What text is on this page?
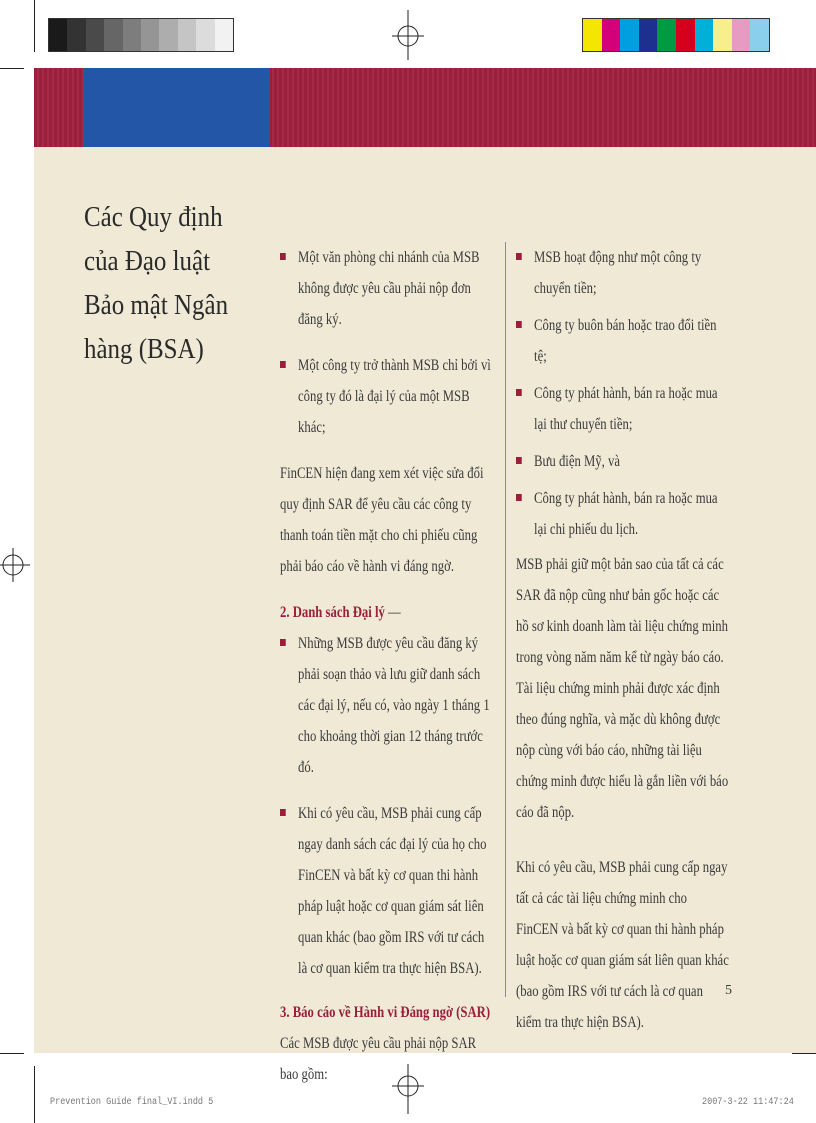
Các Quy định của Đạo luật Bảo mật Ngân hàng (BSA)
Một văn phòng chi nhánh của MSB không được yêu cầu phải nộp đơn đăng ký.
Một công ty trở thành MSB chỉ bởi vì công ty đó là đại lý của một MSB khác;

FinCEN hiện đang xem xét việc sửa đổi quy định SAR để yêu cầu các công ty thanh toán tiền mặt cho chi phiếu cũng phải báo cáo về hành vi đáng ngờ.

2. Danh sách Đại lý —

Những MSB được yêu cầu đăng ký phải soạn thảo và lưu giữ danh sách các đại lý, nếu có, vào ngày 1 tháng 1 cho khoảng thời gian 12 tháng trước đó.
Khi có yêu cầu, MSB phải cung cấp ngay danh sách các đại lý của họ cho FinCEN và bất kỳ cơ quan thi hành pháp luật hoặc cơ quan giám sát liên quan khác (bao gồm IRS với tư cách là cơ quan kiểm tra thực hiện BSA).

3. Báo cáo về Hành vi Đáng ngờ (SAR) Các MSB được yêu cầu phải nộp SAR bao gồm:

MSB hoạt động như một công ty chuyển tiền;
Công ty buôn bán hoặc trao đổi tiền tệ;
Công ty phát hành, bán ra hoặc mua lại thư chuyển tiền;
Bưu điện Mỹ, và
Công ty phát hành, bán ra hoặc mua lại chi phiếu du lịch.

MSB phải giữ một bản sao của tất cả các SAR đã nộp cũng như bản gốc hoặc các hồ sơ kinh doanh làm tài liệu chứng minh trong vòng năm năm kể từ ngày báo cáo. Tài liệu chứng minh phải được xác định theo đúng nghĩa, và mặc dù không được nộp cùng với báo cáo, những tài liệu chứng minh được hiểu là gắn liền với báo cáo đã nộp.

Khi có yêu cầu, MSB phải cung cấp ngay tất cả các tài liệu chứng minh cho FinCEN và bất kỳ cơ quan thi hành pháp luật hoặc cơ quan giám sát liên quan khác (bao gồm IRS với tư cách là cơ quan kiểm tra thực hiện BSA).

5
Prevention Guide final_VI.indd 5	2007-3-22 11:47:24
